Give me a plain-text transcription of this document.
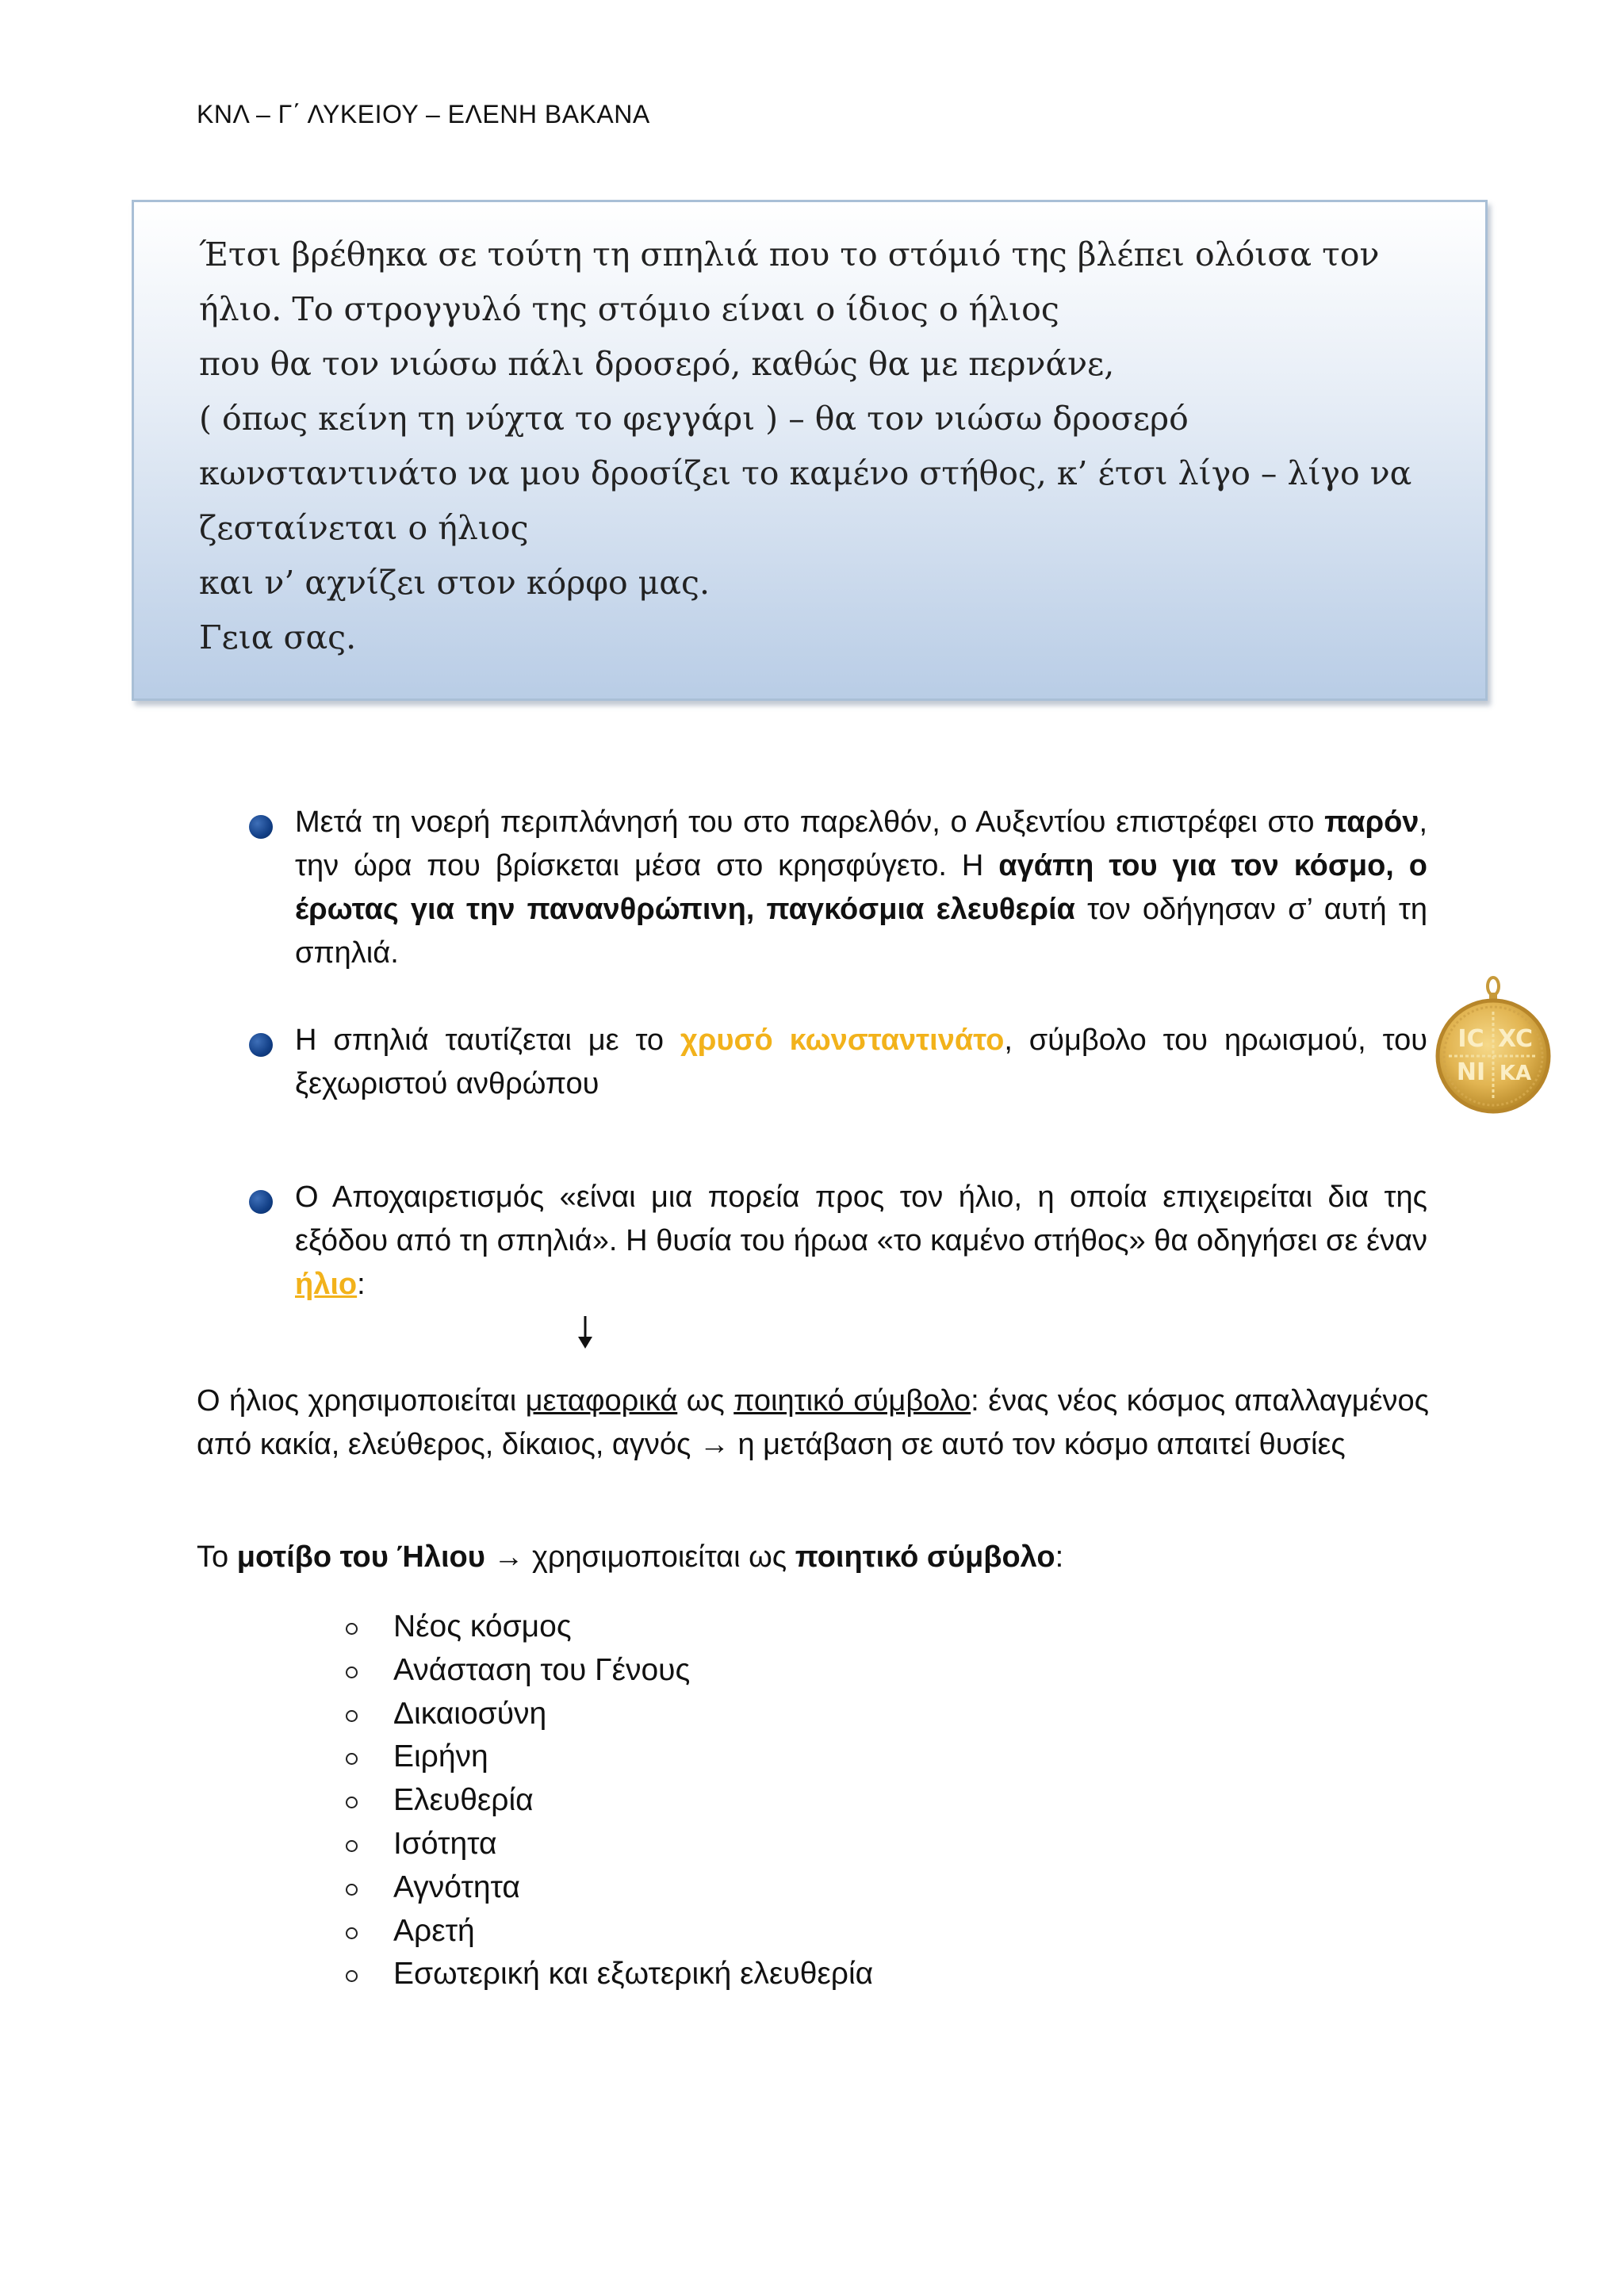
ΚΝΛ – Γ΄ ΛΥΚΕΙΟΥ – ΕΛΕΝΗ ΒΑΚΑΝΑ
Έτσι βρέθηκα σε τούτη τη σπηλιά που το στόμιό της βλέπει ολόισα τον
ήλιο. Το στρογγυλό της στόμιο είναι ο ίδιος ο ήλιος
που θα τον νιώσω πάλι δροσερό, καθώς θα με περνάνε,
( όπως κείνη τη νύχτα το φεγγάρι ) – θα τον νιώσω δροσερό
κωνσταντινάτο να μου δροσίζει το καμένο στήθος, κ’ έτσι λίγο – λίγο να
ζεσταίνεται ο ήλιος
και ν’ αχνίζει στον κόρφο μας.
Γεια σας.
Μετά τη νοερή περιπλάνησή του στο παρελθόν, ο Αυξεντίου επιστρέφει στο παρόν, την ώρα που βρίσκεται μέσα στο κρησφύγετο. Η αγάπη του για τον κόσμο, ο έρωτας για την πανανθρώπινη, παγκόσμια ελευθερία τον οδήγησαν σ’ αυτή τη σπηλιά.
Η σπηλιά ταυτίζεται με το χρυσό κωνσταντινάτο, σύμβολο του ηρωισμού, του ξεχωριστού ανθρώπου
Ο Αποχαιρετισμός «είναι μια πορεία προς τον ήλιο, η οποία επιχειρείται δια της εξόδου από τη σπηλιά». Η θυσία του ήρωα «το καμένο στήθος» θα οδηγήσει σε έναν ήλιο:
IC XC
NI KA
Ο ήλιος χρησιμοποιείται μεταφορικά ως ποιητικό σύμβολο: ένας νέος κόσμος απαλλαγμένος από κακία, ελεύθερος, δίκαιος, αγνός → η μετάβαση σε αυτό τον κόσμο απαιτεί θυσίες
Το μοτίβο του Ήλιου → χρησιμοποιείται ως ποιητικό σύμβολο:
Νέος κόσμος
Ανάσταση του Γένους
Δικαιοσύνη
Ειρήνη
Ελευθερία
Ισότητα
Αγνότητα
Αρετή
Εσωτερική και εξωτερική ελευθερία
